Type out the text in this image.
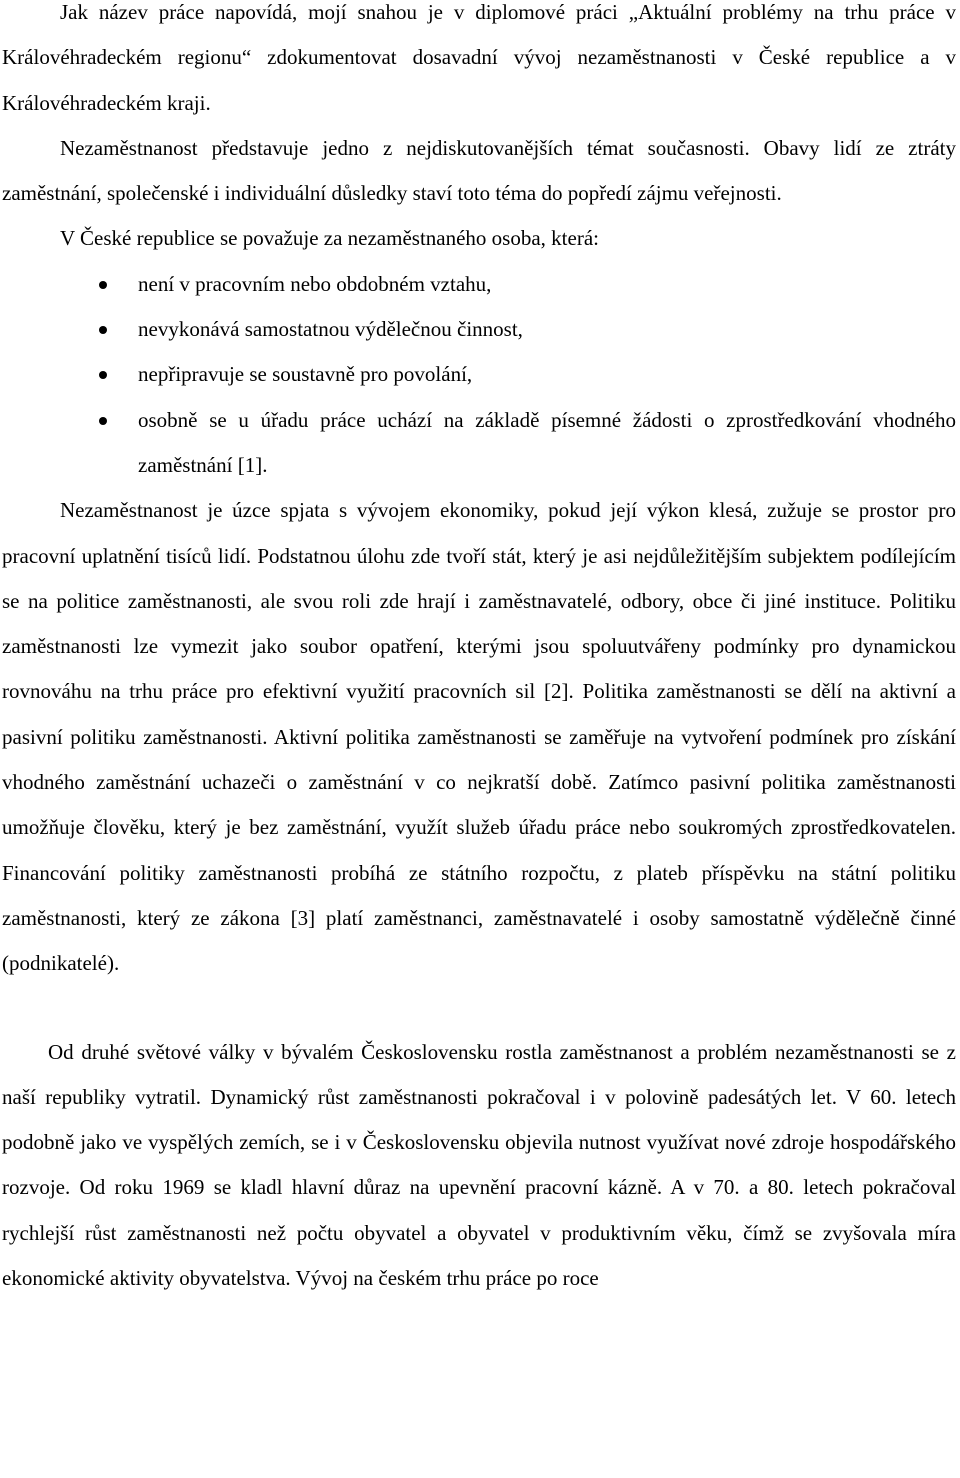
Jak název práce napovídá, mojí snahou je v diplomové práci „Aktuální problémy na trhu práce v Královéhradeckém regionu“ zdokumentovat dosavadní vývoj nezaměstnanosti v České republice a v Královéhradeckém kraji.

Nezaměstnanost představuje jedno z nejdiskutovanějších témat současnosti. Obavy lidí ze ztráty zaměstnání, společenské i individuální důsledky staví toto téma do popředí zájmu veřejnosti.

V České republice se považuje za nezaměstnaného osoba, která:

není v pracovním nebo obdobném vztahu,
nevykonává samostatnou výdělečnou činnost,
nepřipravuje se soustavně pro povolání,
osobně se u úřadu práce uchází na základě písemné žádosti o zprostředkování vhodného zaměstnání [1].

Nezaměstnanost je úzce spjata s vývojem ekonomiky, pokud její výkon klesá, zužuje se prostor pro pracovní uplatnění tisíců lidí. Podstatnou úlohu zde tvoří stát, který je asi nejdůležitějším subjektem podílejícím se na politice zaměstnanosti, ale svou roli zde hrají i zaměstnavatelé, odbory, obce či jiné instituce. Politiku zaměstnanosti lze vymezit jako soubor opatření, kterými jsou spoluutvářeny podmínky pro dynamickou rovnováhu na trhu práce pro efektivní využití pracovních sil [2]. Politika zaměstnanosti se dělí na aktivní a pasivní politiku zaměstnanosti. Aktivní politika zaměstnanosti se zaměřuje na vytvoření podmínek pro získání vhodného zaměstnání uchazeči o zaměstnání v co nejkratší době. Zatímco pasivní politika zaměstnanosti umožňuje člověku, který je bez zaměstnání, využít služeb úřadu práce nebo soukromých zprostředkovatelen. Financování politiky zaměstnanosti probíhá ze státního rozpočtu, z plateb příspěvku na státní politiku zaměstnanosti, který ze zákona [3] platí zaměstnanci, zaměstnavatelé i osoby samostatně výdělečně činné (podnikatelé).

Od druhé světové války v bývalém Československu rostla zaměstnanost a problém nezaměstnanosti se z naší republiky vytratil. Dynamický růst zaměstnanosti pokračoval i v polovině padesátých let. V 60. letech podobně jako ve vyspělých zemích, se i v Československu objevila nutnost využívat nové zdroje hospodářského rozvoje. Od roku 1969 se kladl hlavní důraz na upevnění pracovní kázně. A v 70. a 80. letech pokračoval rychlejší růst zaměstnanosti než počtu obyvatel a obyvatel v produktivním věku, čímž se zvyšovala míra ekonomické aktivity obyvatelstva. Vývoj na českém trhu práce po roce
